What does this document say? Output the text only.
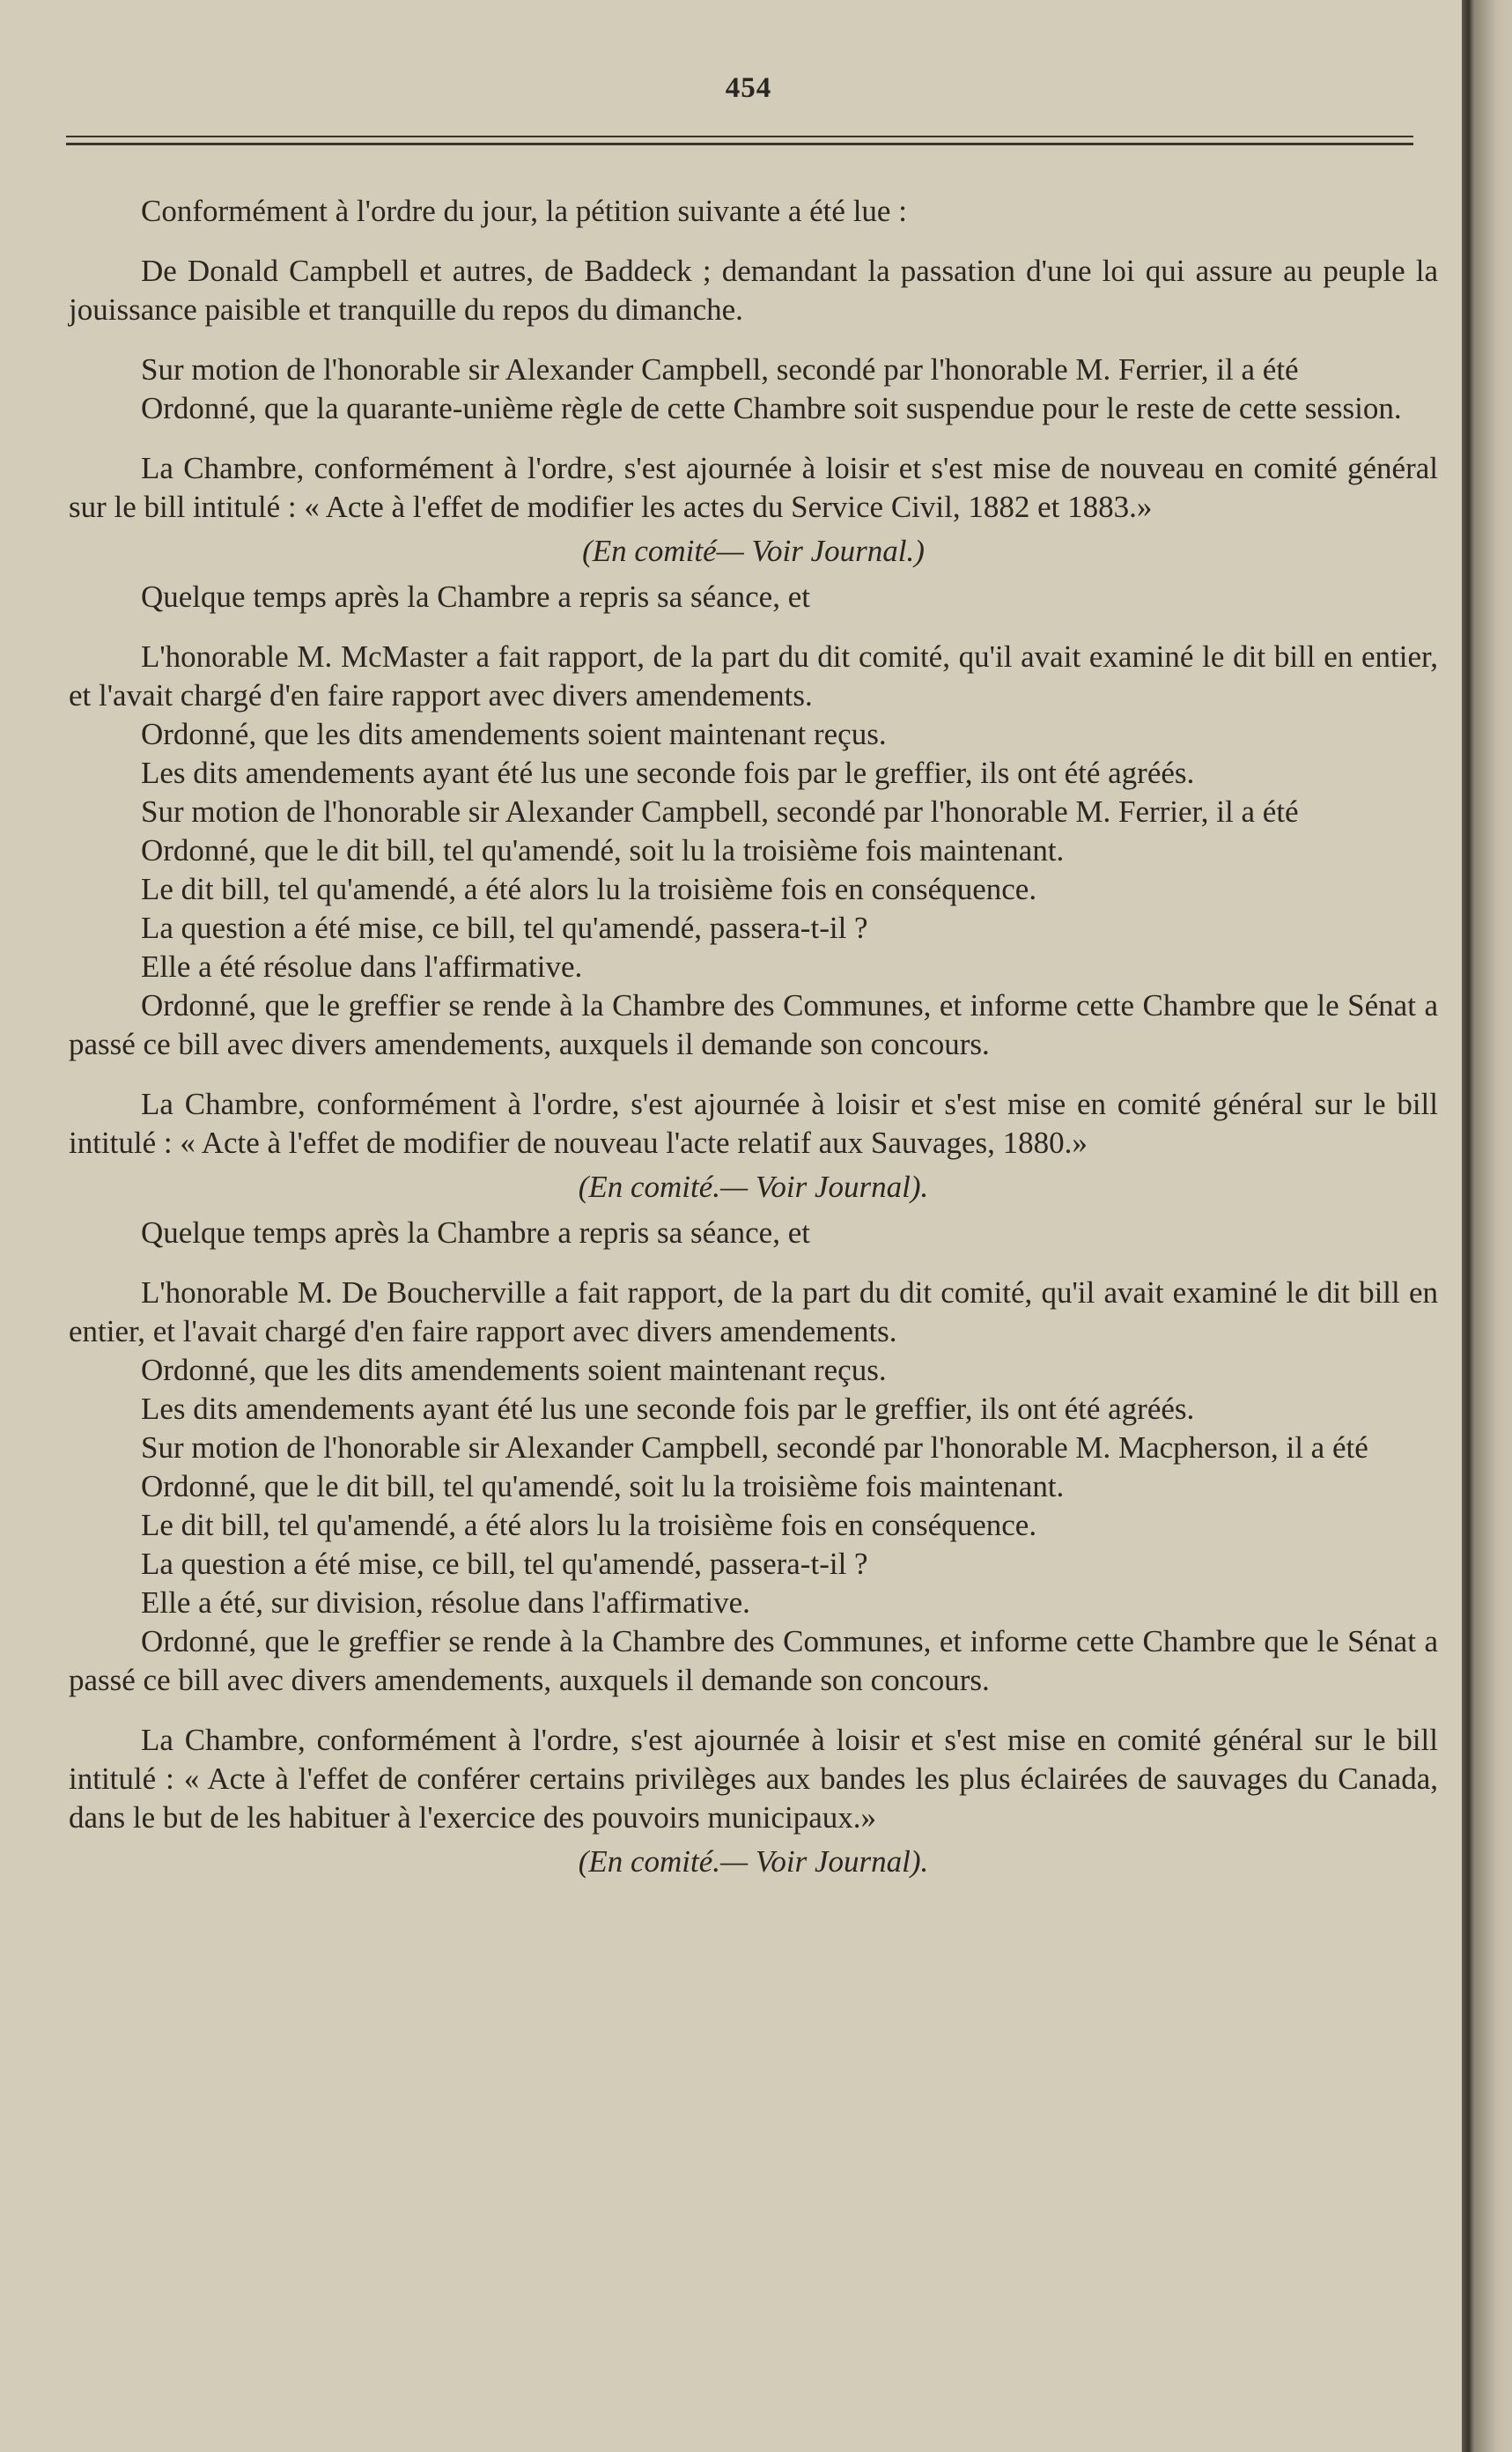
454

Conformément à l'ordre du jour, la pétition suivante a été lue :

De Donald Campbell et autres, de Baddeck ; demandant la passation d'une loi qui assure au peuple la jouissance paisible et tranquille du repos du dimanche.

Sur motion de l'honorable sir Alexander Campbell, secondé par l'honorable M. Ferrier, il a été

Ordonné, que la quarante-unième règle de cette Chambre soit suspendue pour le reste de cette session.

La Chambre, conformément à l'ordre, s'est ajournée à loisir et s'est mise de nouveau en comité général sur le bill intitulé : « Acte à l'effet de modifier les actes du Service Civil, 1882 et 1883.»

(En comité— Voir Journal.)

Quelque temps après la Chambre a repris sa séance, et

L'honorable M. McMaster a fait rapport, de la part du dit comité, qu'il avait examiné le dit bill en entier, et l'avait chargé d'en faire rapport avec divers amendements.

Ordonné, que les dits amendements soient maintenant reçus.

Les dits amendements ayant été lus une seconde fois par le greffier, ils ont été agréés.

Sur motion de l'honorable sir Alexander Campbell, secondé par l'honorable M. Ferrier, il a été

Ordonné, que le dit bill, tel qu'amendé, soit lu la troisième fois maintenant.

Le dit bill, tel qu'amendé, a été alors lu la troisième fois en conséquence.

La question a été mise, ce bill, tel qu'amendé, passera-t-il ?

Elle a été résolue dans l'affirmative.

Ordonné, que le greffier se rende à la Chambre des Communes, et informe cette Chambre que le Sénat a passé ce bill avec divers amendements, auxquels il demande son concours.

La Chambre, conformément à l'ordre, s'est ajournée à loisir et s'est mise en comité général sur le bill intitulé : « Acte à l'effet de modifier de nouveau l'acte relatif aux Sauvages, 1880.»

(En comité.— Voir Journal).

Quelque temps après la Chambre a repris sa séance, et

L'honorable M. De Boucherville a fait rapport, de la part du dit comité, qu'il avait examiné le dit bill en entier, et l'avait chargé d'en faire rapport avec divers amendements.

Ordonné, que les dits amendements soient maintenant reçus.

Les dits amendements ayant été lus une seconde fois par le greffier, ils ont été agréés.

Sur motion de l'honorable sir Alexander Campbell, secondé par l'honorable M. Macpherson, il a été

Ordonné, que le dit bill, tel qu'amendé, soit lu la troisième fois maintenant.

Le dit bill, tel qu'amendé, a été alors lu la troisième fois en conséquence.

La question a été mise, ce bill, tel qu'amendé, passera-t-il ?

Elle a été, sur division, résolue dans l'affirmative.

Ordonné, que le greffier se rende à la Chambre des Communes, et informe cette Chambre que le Sénat a passé ce bill avec divers amendements, auxquels il demande son concours.

La Chambre, conformément à l'ordre, s'est ajournée à loisir et s'est mise en comité général sur le bill intitulé : « Acte à l'effet de conférer certains privilèges aux bandes les plus éclairées de sauvages du Canada, dans le but de les habituer à l'exercice des pouvoirs municipaux.»

(En comité.— Voir Journal).
